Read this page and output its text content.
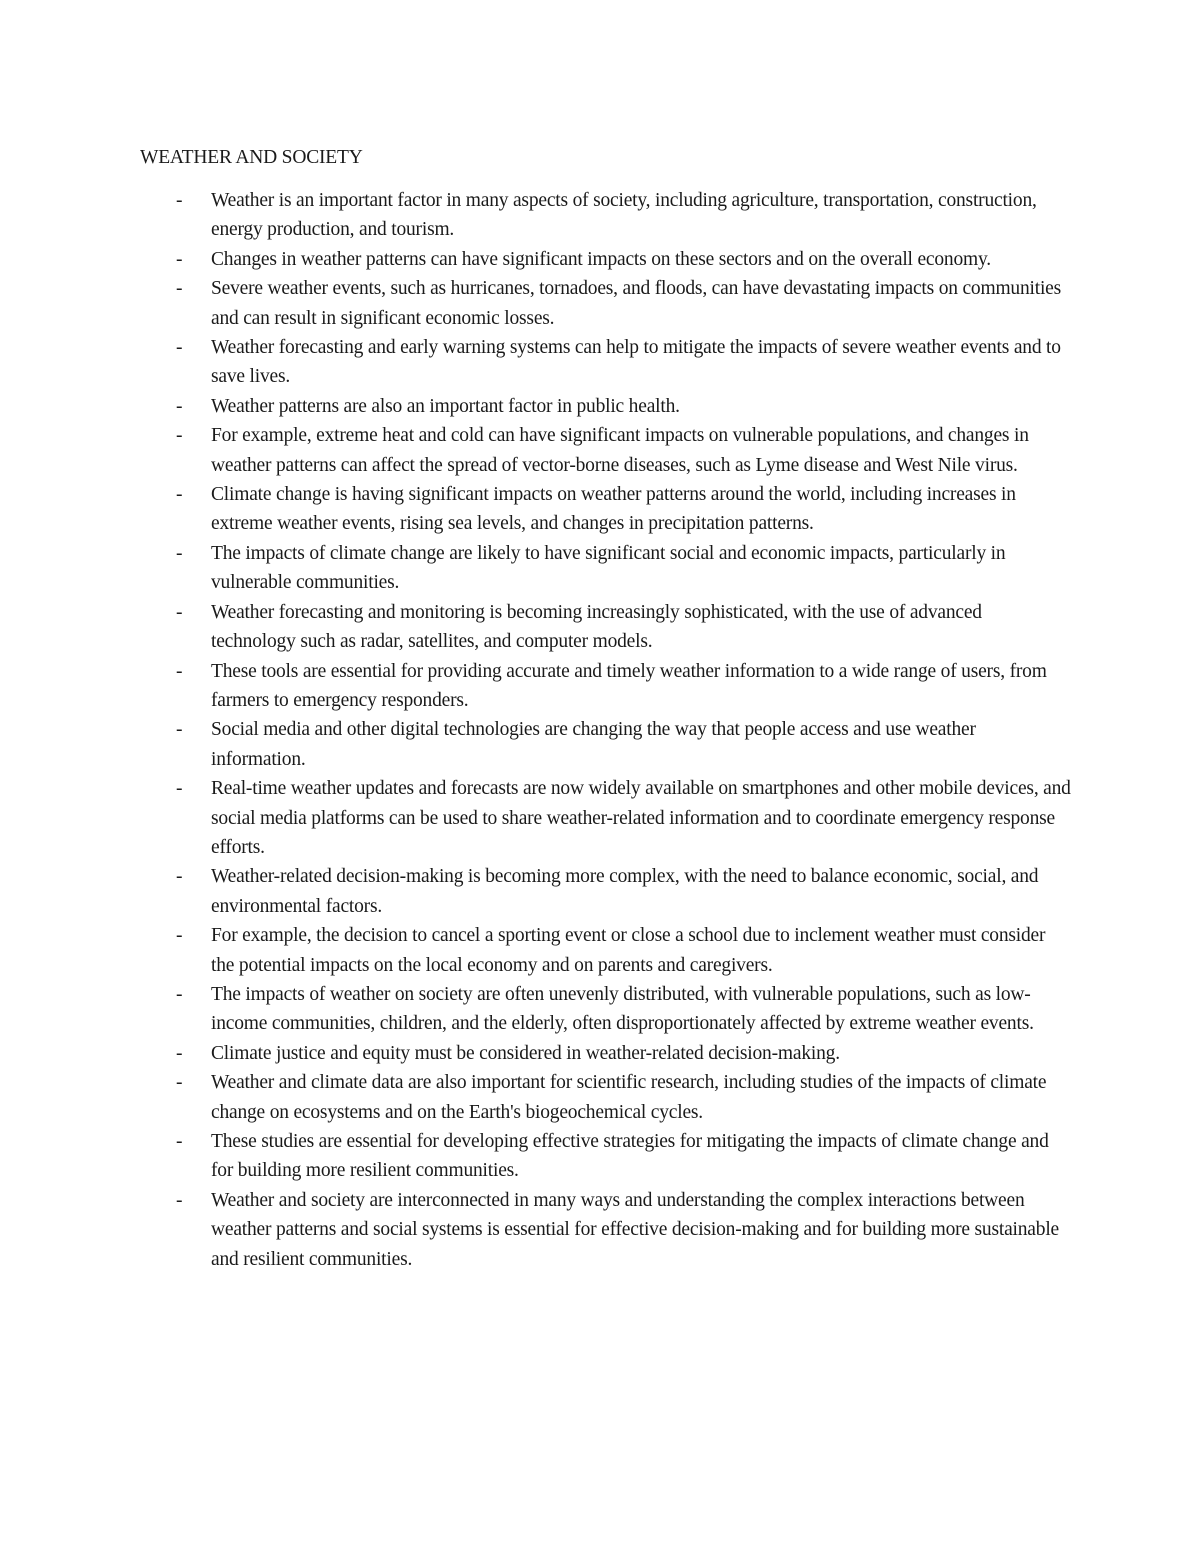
WEATHER AND SOCIETY
- Weather is an important factor in many aspects of society, including agriculture, transportation, construction, energy production, and tourism.
- Changes in weather patterns can have significant impacts on these sectors and on the overall economy.
- Severe weather events, such as hurricanes, tornadoes, and floods, can have devastating impacts on communities and can result in significant economic losses.
- Weather forecasting and early warning systems can help to mitigate the impacts of severe weather events and to save lives.
- Weather patterns are also an important factor in public health.
- For example, extreme heat and cold can have significant impacts on vulnerable populations, and changes in weather patterns can affect the spread of vector-borne diseases, such as Lyme disease and West Nile virus.
- Climate change is having significant impacts on weather patterns around the world, including increases in extreme weather events, rising sea levels, and changes in precipitation patterns.
- The impacts of climate change are likely to have significant social and economic impacts, particularly in vulnerable communities.
- Weather forecasting and monitoring is becoming increasingly sophisticated, with the use of advanced technology such as radar, satellites, and computer models.
- These tools are essential for providing accurate and timely weather information to a wide range of users, from farmers to emergency responders.
- Social media and other digital technologies are changing the way that people access and use weather information.
- Real-time weather updates and forecasts are now widely available on smartphones and other mobile devices, and social media platforms can be used to share weather-related information and to coordinate emergency response efforts.
- Weather-related decision-making is becoming more complex, with the need to balance economic, social, and environmental factors.
- For example, the decision to cancel a sporting event or close a school due to inclement weather must consider the potential impacts on the local economy and on parents and caregivers.
- The impacts of weather on society are often unevenly distributed, with vulnerable populations, such as low-income communities, children, and the elderly, often disproportionately affected by extreme weather events.
- Climate justice and equity must be considered in weather-related decision-making.
- Weather and climate data are also important for scientific research, including studies of the impacts of climate change on ecosystems and on the Earth's biogeochemical cycles.
- These studies are essential for developing effective strategies for mitigating the impacts of climate change and for building more resilient communities.
- Weather and society are interconnected in many ways and understanding the complex interactions between weather patterns and social systems is essential for effective decision-making and for building more sustainable and resilient communities.
